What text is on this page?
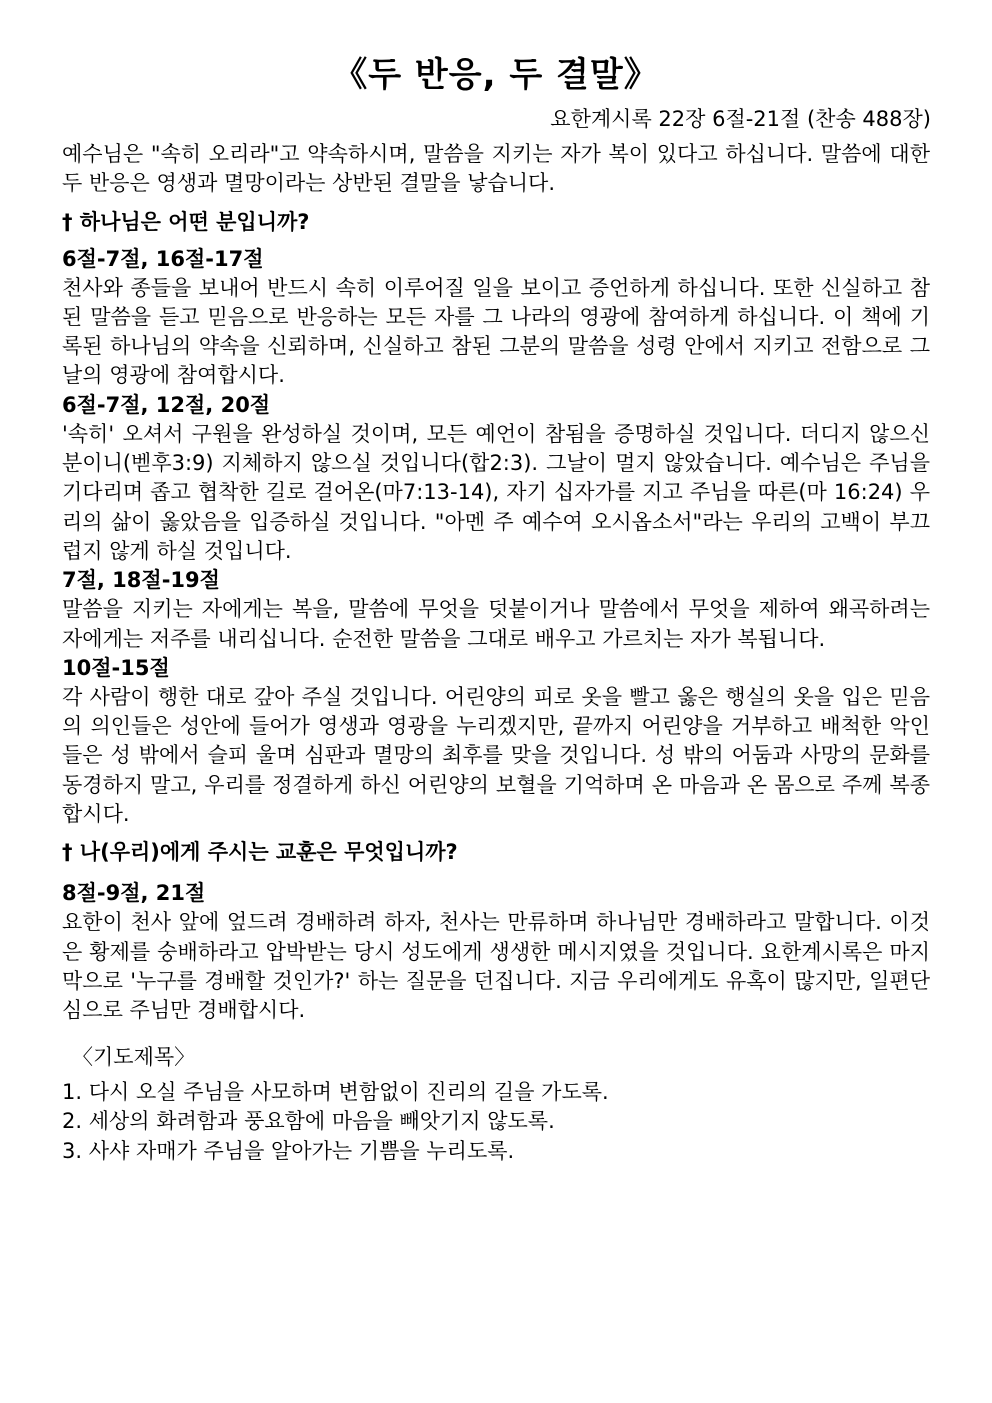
《두 반응, 두 결말》
요한계시록 22장 6절-21절 (찬송 488장)

예수님은 "속히 오리라"고 약속하시며, 말씀을 지키는 자가 복이 있다고 하십니다. 말씀에 대한 두 반응은 영생과 멸망이라는 상반된 결말을 낳습니다.

† 하나님은 어떤 분입니까?
6절-7절, 16절-17절

천사와 종들을 보내어 반드시 속히 이루어질 일을 보이고 증언하게 하십니다. 또한 신실하고 참된 말씀을 듣고 믿음으로 반응하는 모든 자를 그 나라의 영광에 참여하게 하십니다. 이 책에 기록된 하나님의 약속을 신뢰하며, 신실하고 참된 그분의 말씀을 성령 안에서 지키고 전함으로 그날의 영광에 참여합시다.

6절-7절, 12절, 20절

'속히' 오셔서 구원을 완성하실 것이며, 모든 예언이 참됨을 증명하실 것입니다. 더디지 않으신 분이니(벧후3:9) 지체하지 않으실 것입니다(합2:3). 그날이 멀지 않았습니다. 예수님은 주님을 기다리며 좁고 협착한 길로 걸어온(마7:13-14), 자기 십자가를 지고 주님을 따른(마 16:24) 우리의 삶이 옳았음을 입증하실 것입니다. "아멘 주 예수여 오시옵소서"라는 우리의 고백이 부끄럽지 않게 하실 것입니다.

7절, 18절-19절

말씀을 지키는 자에게는 복을, 말씀에 무엇을 덧붙이거나 말씀에서 무엇을 제하여 왜곡하려는 자에게는 저주를 내리십니다. 순전한 말씀을 그대로 배우고 가르치는 자가 복됩니다.

10절-15절

각 사람이 행한 대로 갚아 주실 것입니다. 어린양의 피로 옷을 빨고 옳은 행실의 옷을 입은 믿음의 의인들은 성안에 들어가 영생과 영광을 누리겠지만, 끝까지 어린양을 거부하고 배척한 악인들은 성 밖에서 슬피 울며 심판과 멸망의 최후를 맞을 것입니다. 성 밖의 어둠과 사망의 문화를 동경하지 말고, 우리를 정결하게 하신 어린양의 보혈을 기억하며 온 마음과 온 몸으로 주께 복종합시다.

† 나(우리)에게 주시는 교훈은 무엇입니까?
8절-9절, 21절

요한이 천사 앞에 엎드려 경배하려 하자, 천사는 만류하며 하나님만 경배하라고 말합니다. 이것은 황제를 숭배하라고 압박받는 당시 성도에게 생생한 메시지였을 것입니다. 요한계시록은 마지막으로 '누구를 경배할 것인가?' 하는 질문을 던집니다. 지금 우리에게도 유혹이 많지만, 일편단심으로 주님만 경배합시다.

〈기도제목〉
1. 다시 오실 주님을 사모하며 변함없이 진리의 길을 가도록.
2. 세상의 화려함과 풍요함에 마음을 빼앗기지 않도록.
3. 사샤 자매가 주님을 알아가는 기쁨을 누리도록.
